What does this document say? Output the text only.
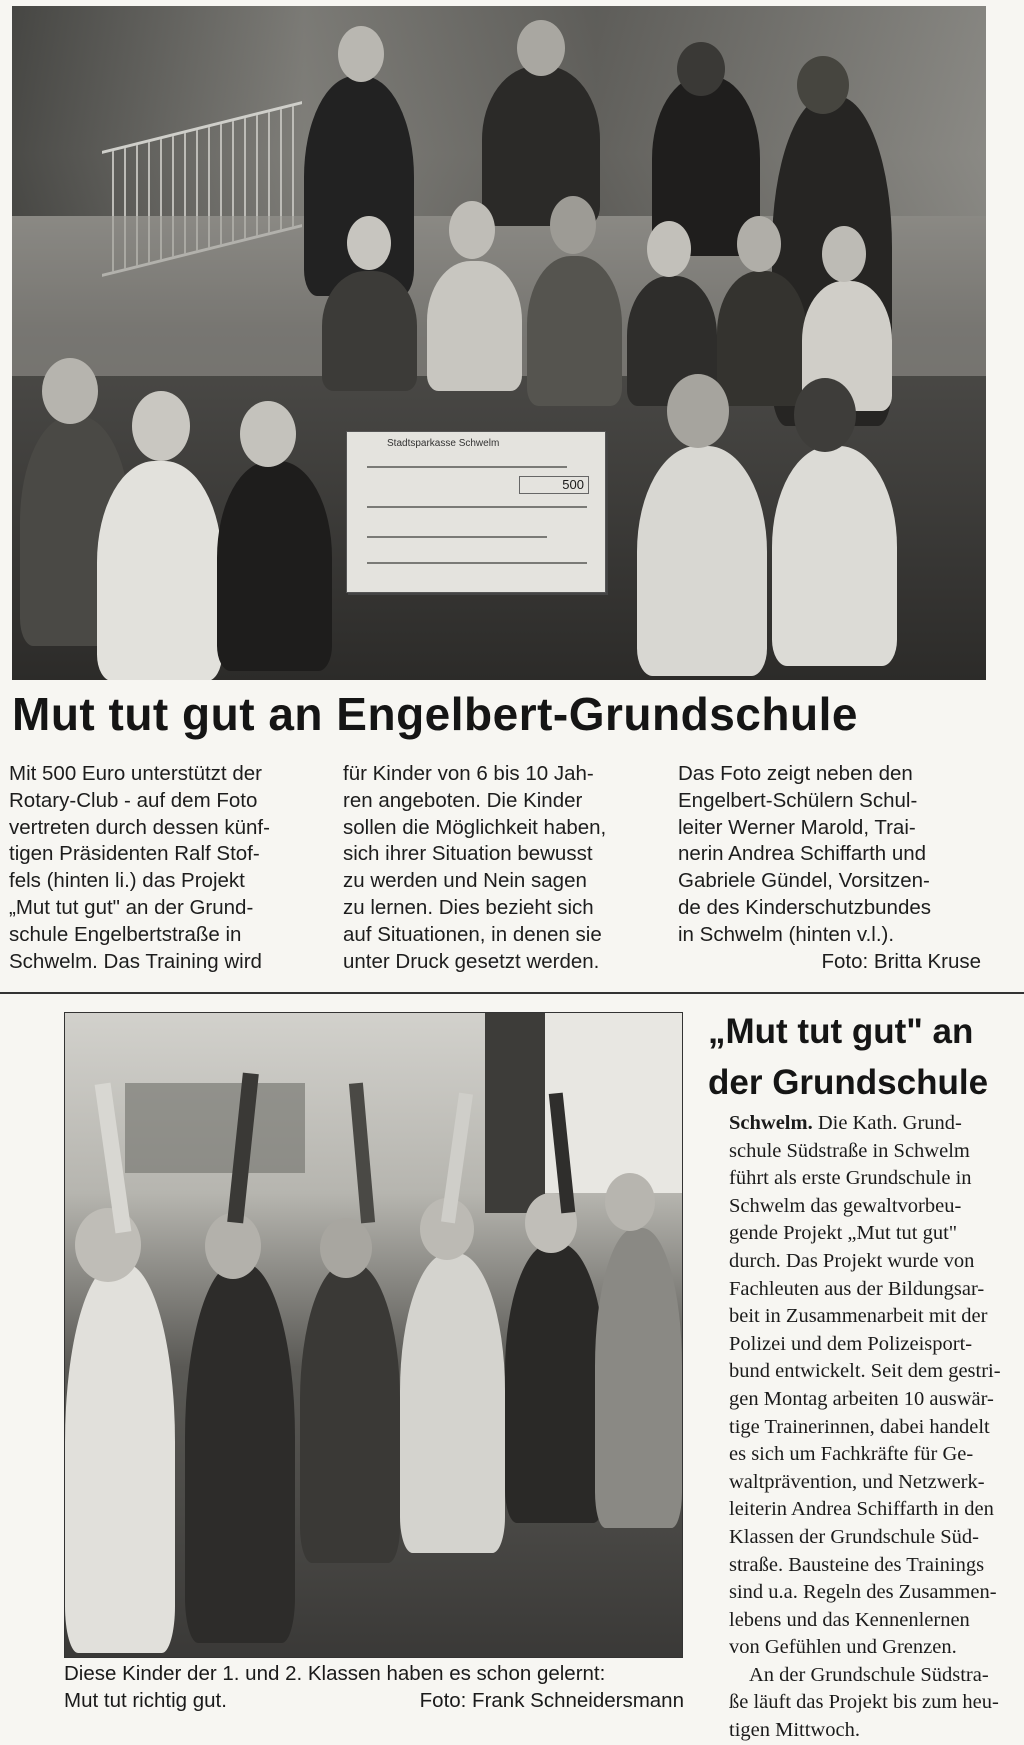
Stadtsparkasse Schwelm
500
Mut tut gut an Engelbert-Grundschule
Mit 500 Euro unterstützt der
Rotary-Club - auf dem Foto
vertreten durch dessen künf-
tigen Präsidenten Ralf Stof-
fels (hinten li.) das Projekt
„Mut tut gut" an der Grund-
schule Engelbertstraße in
Schwelm. Das Training wird
für Kinder von 6 bis 10 Jah-
ren angeboten. Die Kinder
sollen die Möglichkeit haben,
sich ihrer Situation bewusst
zu werden und Nein sagen
zu lernen. Dies bezieht sich
auf Situationen, in denen sie
unter Druck gesetzt werden.
Das Foto zeigt neben den
Engelbert-Schülern Schul-
leiter Werner Marold, Trai-
nerin Andrea Schiffarth und
Gabriele Gündel, Vorsitzen-
de des Kinderschutzbundes
in Schwelm (hinten v.l.).
Foto: Britta Kruse
Diese Kinder der 1. und 2. Klassen haben es schon gelernt:
Mut tut richtig gut.	Foto: Frank Schneidersmann
„Mut tut gut" an
der Grundschule
Schwelm. Die Kath. Grund-
schule Südstraße in Schwelm
führt als erste Grundschule in
Schwelm das gewaltvorbeu-
gende Projekt „Mut tut gut"
durch. Das Projekt wurde von
Fachleuten aus der Bildungsar-
beit in Zusammenarbeit mit der
Polizei und dem Polizeisport-
bund entwickelt. Seit dem gestri-
gen Montag arbeiten 10 auswär-
tige Trainerinnen, dabei handelt
es sich um Fachkräfte für Ge-
waltprävention, und Netzwerk-
leiterin Andrea Schiffarth in den
Klassen der Grundschule Süd-
straße. Bausteine des Trainings
sind u.a. Regeln des Zusammen-
lebens und das Kennenlernen
von Gefühlen und Grenzen.
An der Grundschule Südstra-
ße läuft das Projekt bis zum heu-
tigen Mittwoch.
